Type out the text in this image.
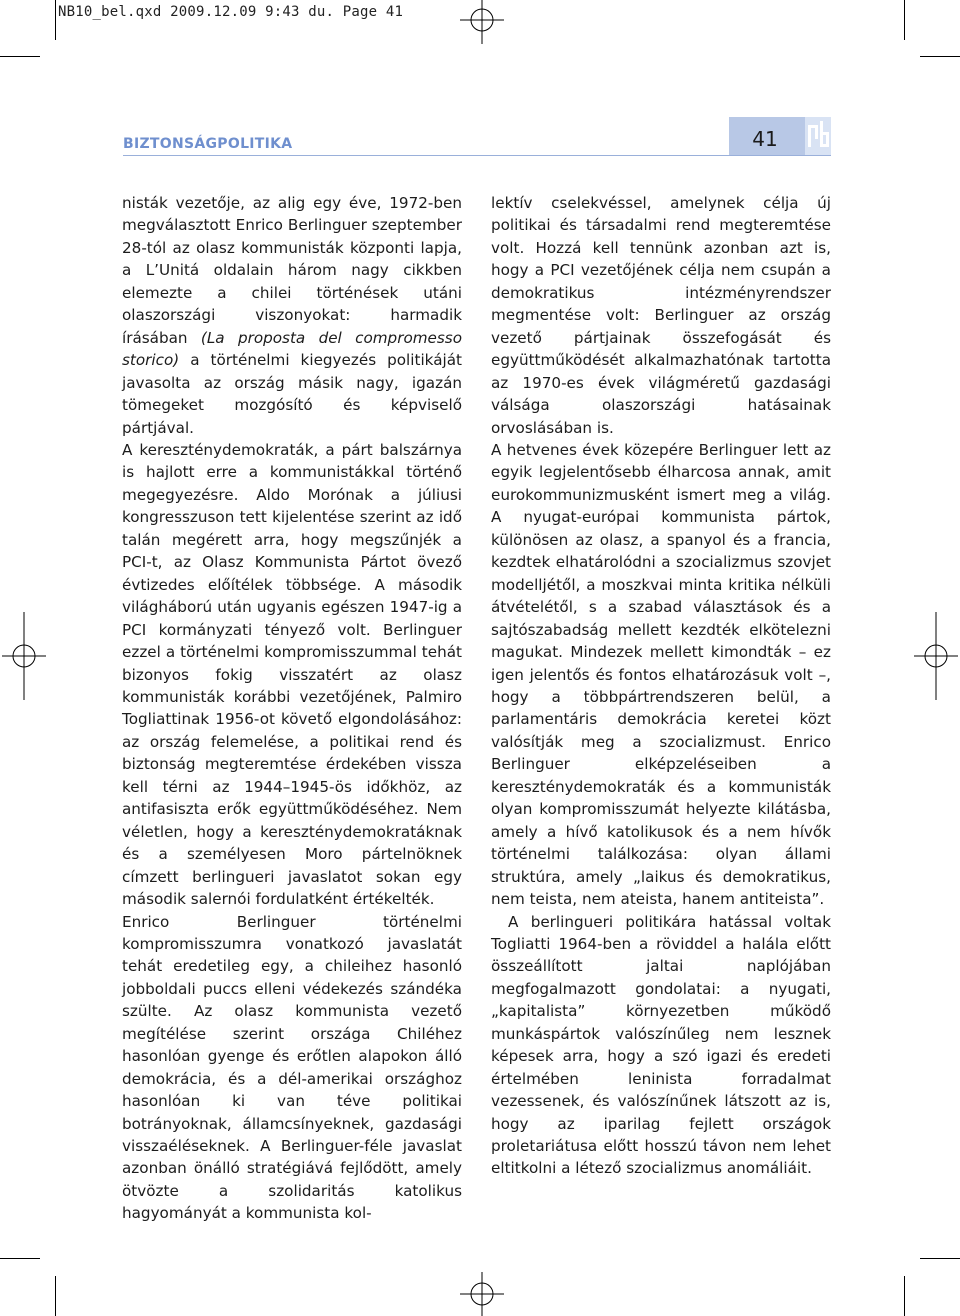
NB10_bel.qxd 2009.12.09 9:43 du. Page 41
BIZTONSÁGPOLITIKA	41

nisták vezetője, az alig egy éve, 1972-ben megválasztott Enrico Berlinguer szeptember 28-tól az olasz kommunisták központi lapja, a L’Unitá oldalain három nagy cikkben elemezte a chilei történések utáni olaszországi viszonyokat: harmadik írásában (La proposta del compromesso storico) a történelmi kiegyezés politikáját javasolta az ország másik nagy, igazán tömegeket mozgósító és képviselő pártjával.

A kereszténydemokraták, a párt balszárnya is hajlott erre a kommunistákkal történő megegyezésre. Aldo Morónak a júliusi kongresszuson tett kijelentése szerint az idő talán megérett arra, hogy megszűnjék a PCI-t, az Olasz Kommunista Pártot övező évtizedes előítélek többsége. A második világháború után ugyanis egészen 1947-ig a PCI kormányzati tényező volt. Berlinguer ezzel a történelmi kompromisszummal tehát bizonyos fokig visszatért az olasz kommunisták korábbi vezetőjének, Palmiro Togliattinak 1956-ot követő elgondolásához: az ország felemelése, a politikai rend és biztonság megteremtése érdekében vissza kell térni az 1944–1945-ös időkhöz, az antifasiszta erők együttműködéséhez. Nem véletlen, hogy a kereszténydemokratáknak és a személyesen Moro pártelnöknek címzett berlingueri javaslatot sokan egy második salernói fordulatként értékelték.

Enrico Berlinguer történelmi kompromisszumra vonatkozó javaslatát tehát eredetileg egy, a chileihez hasonló jobboldali puccs elleni védekezés szándéka szülte. Az olasz kommunista vezető megítélése szerint országa Chiléhez hasonlóan gyenge és erőtlen alapokon álló demokrácia, és a dél-amerikai országhoz hasonlóan ki van téve politikai botrányoknak, államcsínyeknek, gazdasági visszaéléseknek. A Berlinguer-féle javaslat azonban önálló stratégiává fejlődött, amely ötvözte a szolidaritás katolikus hagyományát a kommunista kol-

lektív cselekvéssel, amelynek célja új politikai és társadalmi rend megteremtése volt. Hozzá kell tennünk azonban azt is, hogy a PCI vezetőjének célja nem csupán a demokratikus intézményrendszer megmentése volt: Berlinguer az ország vezető pártjainak összefogását és együttműködését alkalmazhatónak tartotta az 1970-es évek világméretű gazdasági válsága olaszországi hatásainak orvoslásában is.

A hetvenes évek közepére Berlinguer lett az egyik legjelentősebb élharcosa annak, amit eurokommunizmusként ismert meg a világ. A nyugat-európai kommunista pártok, különösen az olasz, a spanyol és a francia, kezdtek elhatárolódni a szocializmus szovjet modelljétől, a moszkvai minta kritika nélküli átvételétől, s a szabad választások és a sajtószabadság mellett kezdték elkötelezni magukat. Mindezek mellett kimondták – ez igen jelentős és fontos elhatározásuk volt –, hogy a többpártrendszeren belül, a parlamentáris demokrácia keretei közt valósítják meg a szocializmust. Enrico Berlinguer elképzeléseiben a kereszténydemokraták és a kommunisták olyan kompromisszumát helyezte kilátásba, amely a hívő katolikusok és a nem hívők történelmi találkozása: olyan állami struktúra, amely „laikus és demokratikus, nem teista, nem ateista, hanem antiteista”.

A berlingueri politikára hatással voltak Togliatti 1964-ben a röviddel a halála előtt összeállított jaltai naplójában megfogalmazott gondolatai: a nyugati, „kapitalista” környezetben működő munkáspártok valószínűleg nem lesznek képesek arra, hogy a szó igazi és eredeti értelmében leninista forradalmat vezessenek, és valószínűnek látszott az is, hogy az iparilag fejlett országok proletariátusa előtt hosszú távon nem lehet eltitkolni a létező szocializmus anomáliáit.
